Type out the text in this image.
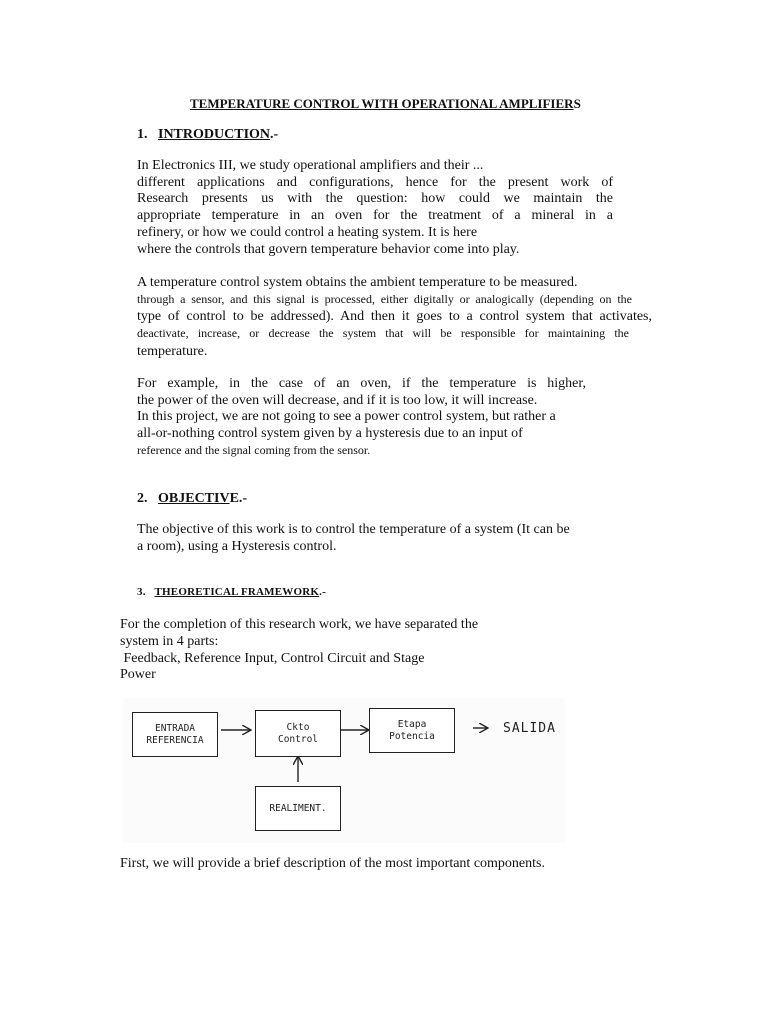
TEMPERATURE CONTROL WITH OPERATIONAL AMPLIFIERS
1. INTRODUCTION.-
In Electronics III, we study operational amplifiers and their ...
different applications and configurations, hence for the present work of
Research presents us with the question: how could we maintain the
appropriate temperature in an oven for the treatment of a mineral in a
refinery, or how we could control a heating system. It is here
where the controls that govern temperature behavior come into play.
A temperature control system obtains the ambient temperature to be measured.
through a sensor, and this signal is processed, either digitally or analogically (depending on the
type of control to be addressed). And then it goes to a control system that activates,
deactivate, increase, or decrease the system that will be responsible for maintaining the
temperature.
For example, in the case of an oven, if the temperature is higher,
the power of the oven will decrease, and if it is too low, it will increase.
In this project, we are not going to see a power control system, but rather a
all-or-nothing control system given by a hysteresis due to an input of
reference and the signal coming from the sensor.
2. OBJECTIVE.-
The objective of this work is to control the temperature of a system (It can be
a room), using a Hysteresis control.
3. THEORETICAL FRAMEWORK.-
For the completion of this research work, we have separated the
system in 4 parts:
Feedback, Reference Input, Control Circuit and Stage
Power
ENTRADA
REFERENCIA
Ckto
Control
Etapa
Potencia
REALIMENT.
SALIDA
First, we will provide a brief description of the most important components.
